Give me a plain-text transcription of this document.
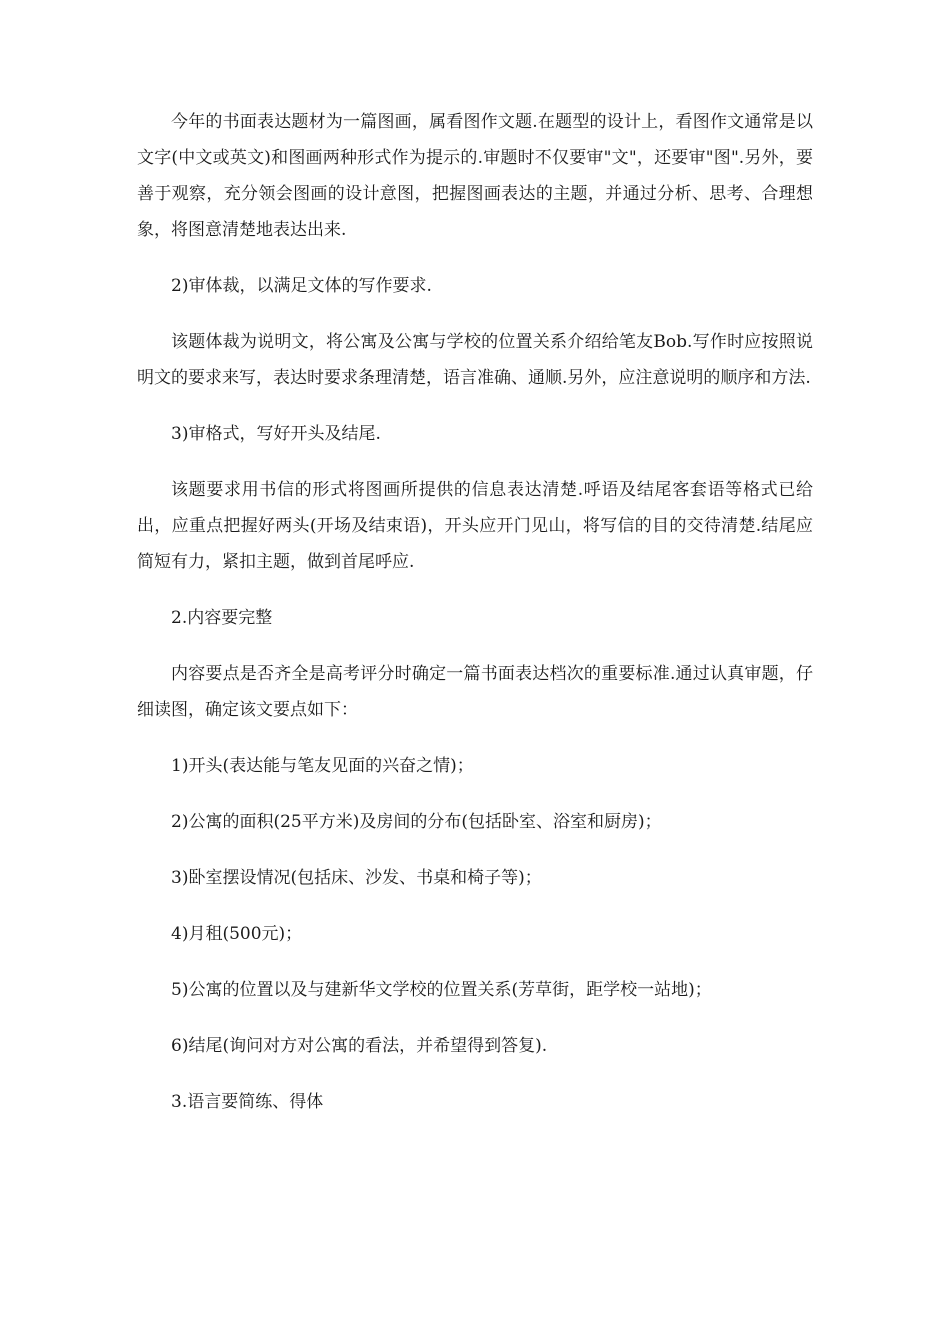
今年的书面表达题材为一篇图画，属看图作文题.在题型的设计上，看图作文通常是以文字(中文或英文)和图画两种形式作为提示的.审题时不仅要审"文"，还要审"图".另外，要善于观察，充分领会图画的设计意图，把握图画表达的主题，并通过分析、思考、合理想象，将图意清楚地表达出来.

2)审体裁，以满足文体的写作要求.

该题体裁为说明文，将公寓及公寓与学校的位置关系介绍给笔友Bob.写作时应按照说明文的要求来写，表达时要求条理清楚，语言准确、通顺.另外，应注意说明的顺序和方法.

3)审格式，写好开头及结尾.

该题要求用书信的形式将图画所提供的信息表达清楚.呼语及结尾客套语等格式已给出，应重点把握好两头(开场及结束语)，开头应开门见山，将写信的目的交待清楚.结尾应简短有力，紧扣主题，做到首尾呼应.

2.内容要完整

内容要点是否齐全是高考评分时确定一篇书面表达档次的重要标准.通过认真审题，仔细读图，确定该文要点如下：

1)开头(表达能与笔友见面的兴奋之情)；

2)公寓的面积(25平方米)及房间的分布(包括卧室、浴室和厨房)；

3)卧室摆设情况(包括床、沙发、书桌和椅子等)；

4)月租(500元)；

5)公寓的位置以及与建新华文学校的位置关系(芳草街，距学校一站地)；

6)结尾(询问对方对公寓的看法，并希望得到答复).

3.语言要简练、得体
